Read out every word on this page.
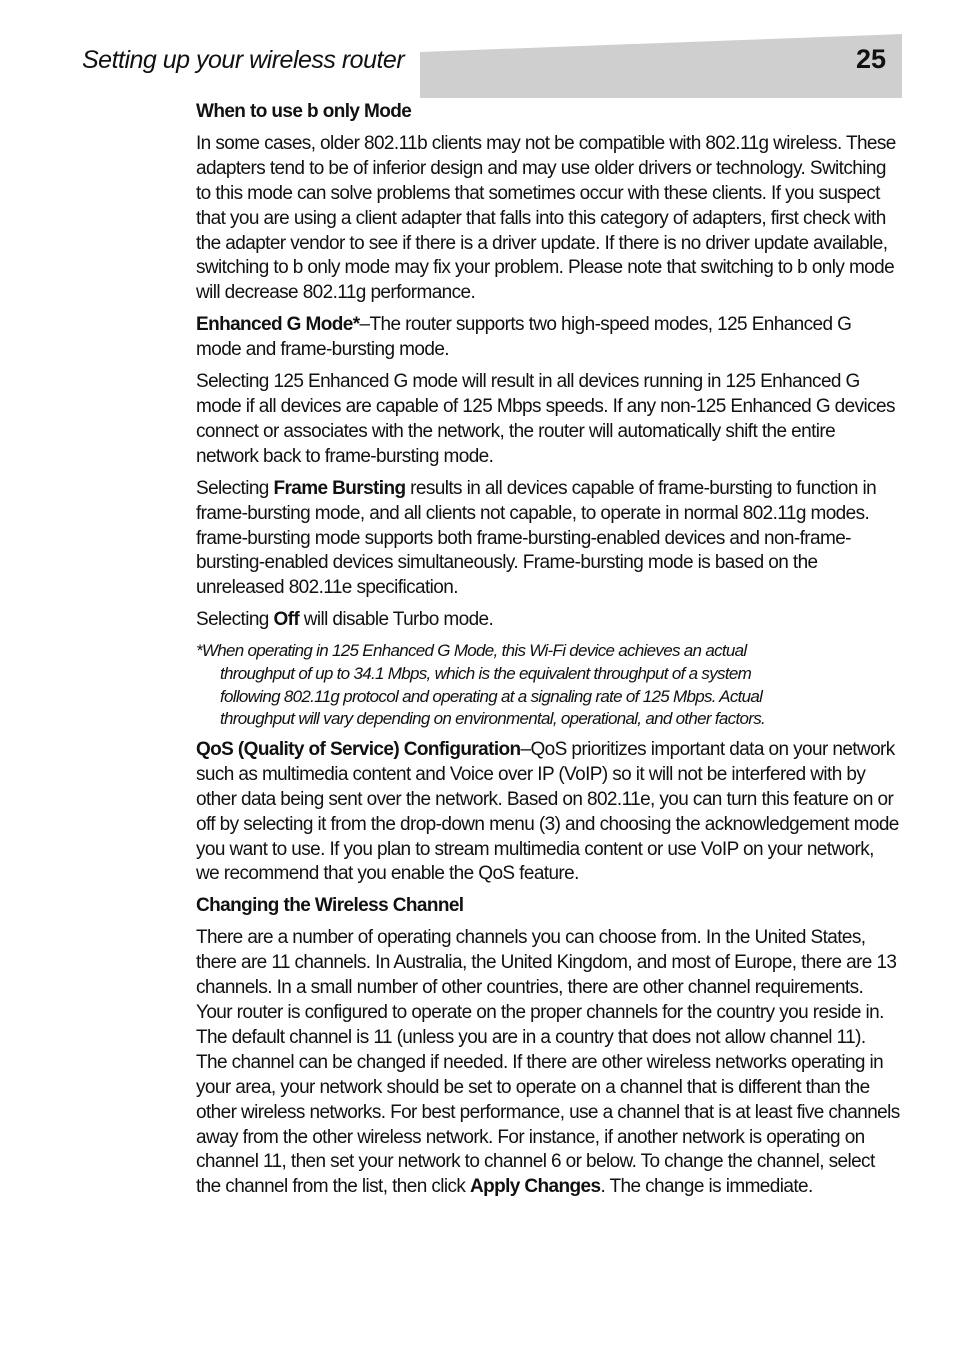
Setting up your wireless router	25
When to use b only Mode

In some cases, older 802.11b clients may not be compatible with 802.11g wireless. These adapters tend to be of inferior design and may use older drivers or technology. Switching to this mode can solve problems that sometimes occur with these clients. If you suspect that you are using a client adapter that falls into this category of adapters, first check with the adapter vendor to see if there is a driver update. If there is no driver update available, switching to b only mode may fix your problem. Please note that switching to b only mode will decrease 802.11g performance.

Enhanced G Mode*–The router supports two high-speed modes, 125 Enhanced G mode and frame-bursting mode.

Selecting 125 Enhanced G mode will result in all devices running in 125 Enhanced G mode if all devices are capable of 125 Mbps speeds. If any non-125 Enhanced G devices connect or associates with the network, the router will automatically shift the entire network back to frame-bursting mode.

Selecting Frame Bursting results in all devices capable of frame-bursting to function in frame-bursting mode, and all clients not capable, to operate in normal 802.11g modes. frame-bursting mode supports both frame-bursting-enabled devices and non-frame-bursting-enabled devices simultaneously. Frame-bursting mode is based on the unreleased 802.11e specification.

Selecting Off will disable Turbo mode.

*When operating in 125 Enhanced G Mode, this Wi-Fi device achieves an actual throughput of up to 34.1 Mbps, which is the equivalent throughput of a system following 802.11g protocol and operating at a signaling rate of 125 Mbps. Actual throughput will vary depending on environmental, operational, and other factors.

QoS (Quality of Service) Configuration–QoS prioritizes important data on your network such as multimedia content and Voice over IP (VoIP) so it will not be interfered with by other data being sent over the network. Based on 802.11e, you can turn this feature on or off by selecting it from the drop-down menu (3) and choosing the acknowledgement mode you want to use. If you plan to stream multimedia content or use VoIP on your network, we recommend that you enable the QoS feature.

Changing the Wireless Channel

There are a number of operating channels you can choose from. In the United States, there are 11 channels. In Australia, the United Kingdom, and most of Europe, there are 13 channels. In a small number of other countries, there are other channel requirements. Your router is configured to operate on the proper channels for the country you reside in. The default channel is 11 (unless you are in a country that does not allow channel 11). The channel can be changed if needed. If there are other wireless networks operating in your area, your network should be set to operate on a channel that is different than the other wireless networks. For best performance, use a channel that is at least five channels away from the other wireless network. For instance, if another network is operating on channel 11, then set your network to channel 6 or below. To change the channel, select the channel from the list, then click Apply Changes. The change is immediate.
